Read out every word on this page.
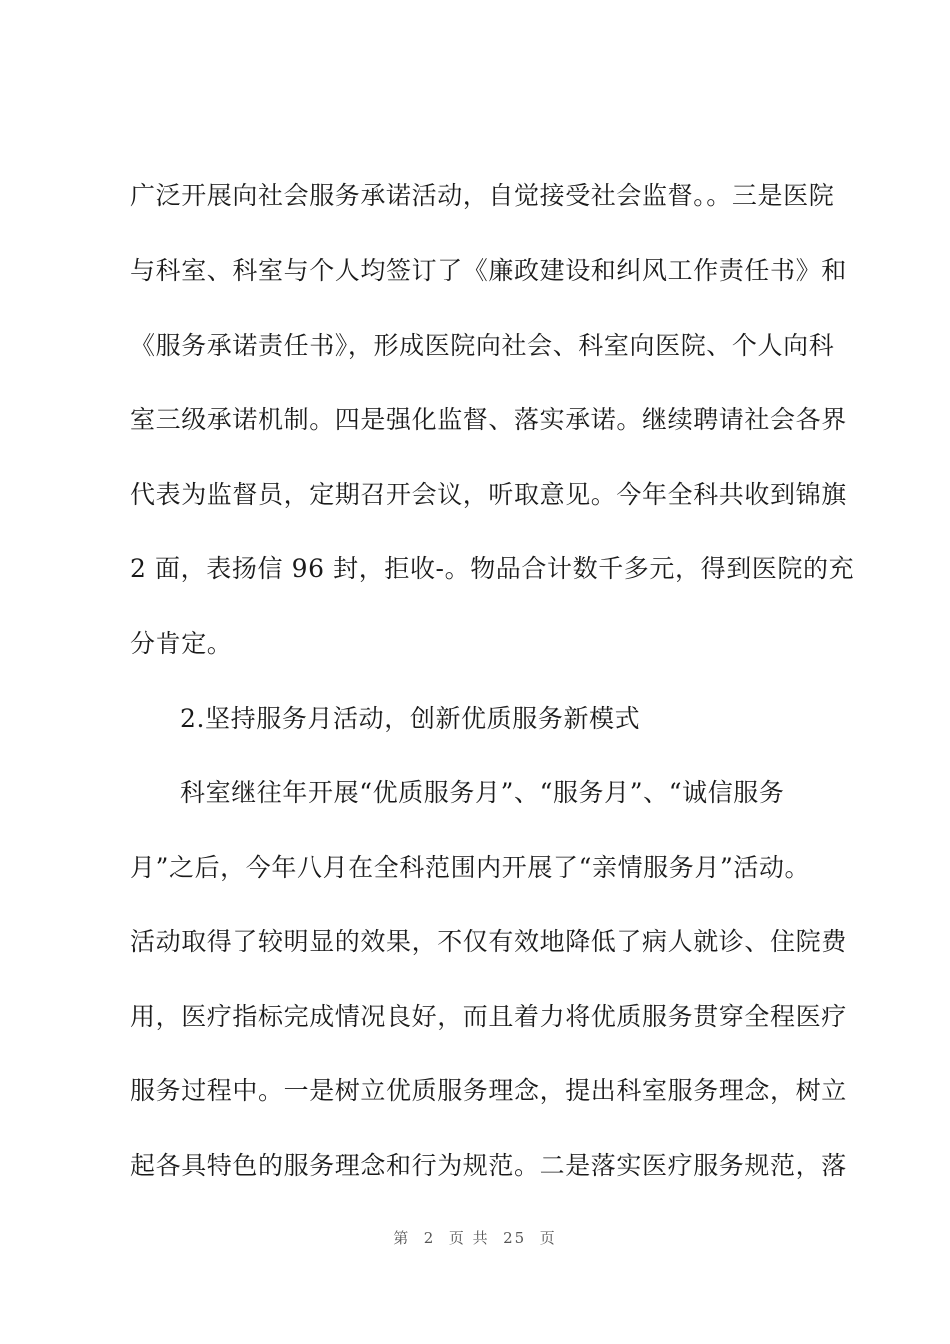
广泛开展向社会服务承诺活动，自觉接受社会监督。。三是医院
与科室、科室与个人均签订了《廉政建设和纠风工作责任书》和
《服务承诺责任书》，形成医院向社会、科室向医院、个人向科
室三级承诺机制。四是强化监督、落实承诺。继续聘请社会各界
代表为监督员，定期召开会议，听取意见。今年全科共收到锦旗
2 面，表扬信 96 封，拒收-。物品合计数千多元，得到医院的充
分肯定。
2.坚持服务月活动，创新优质服务新模式
科室继往年开展“优质服务月”、“服务月”、“诚信服务
月”之后，今年八月在全科范围内开展了“亲情服务月”活动。
活动取得了较明显的效果，不仅有效地降低了病人就诊、住院费
用，医疗指标完成情况良好，而且着力将优质服务贯穿全程医疗
服务过程中。一是树立优质服务理念，提出科室服务理念，树立
起各具特色的服务理念和行为规范。二是落实医疗服务规范，落
第  2  页 共  25  页
